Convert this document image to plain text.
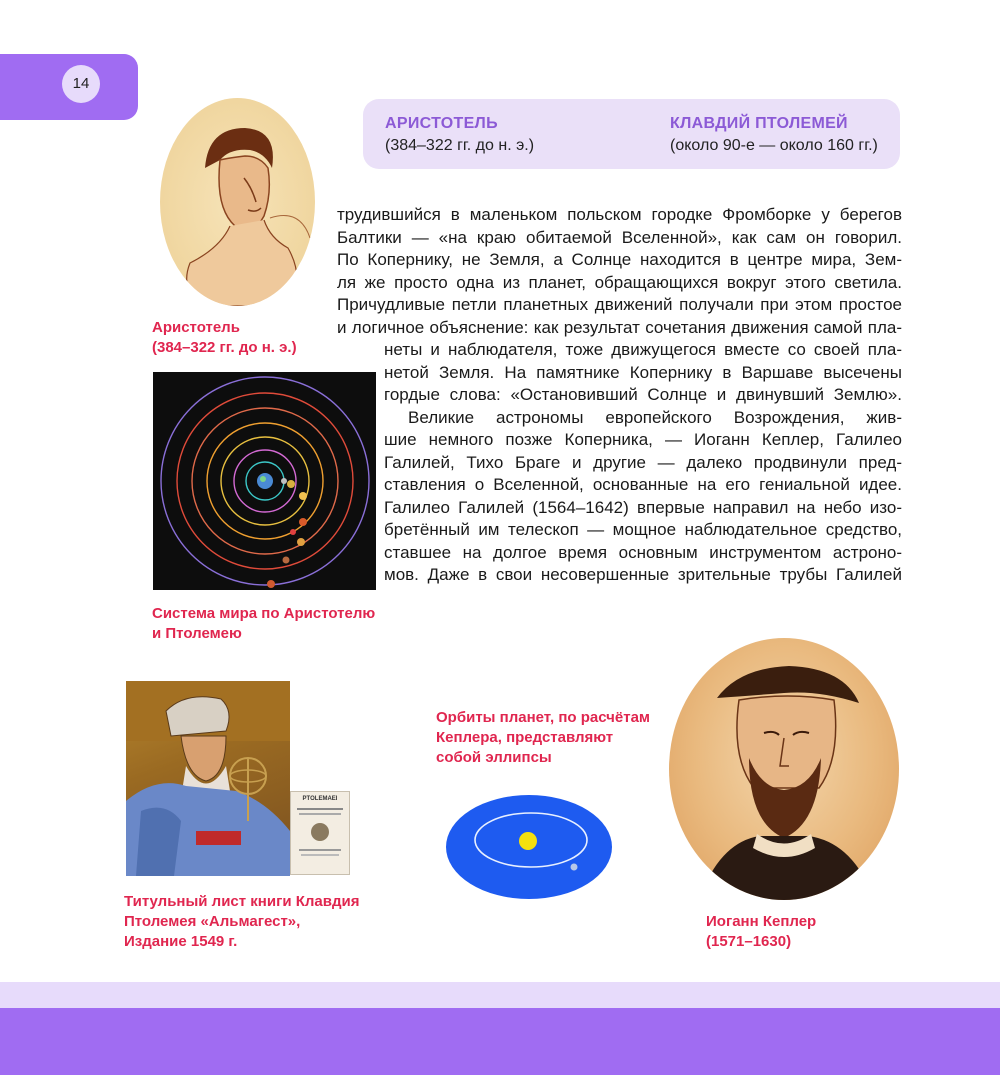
14
АРИСТОТЕЛЬ
(384–322 гг. до н. э.)
КЛАВДИЙ ПТОЛЕМЕЙ
(около 90-е — около 160 гг.)
Аристотель
(384–322 гг. до н. э.)
Система мира по Аристотелю
и Птолемею
трудившийся в маленьком польском городке Фромборке у берегов
Балтики — «на краю обитаемой Вселенной», как сам он говорил.
По Копернику, не Земля, а Солнце находится в центре мира, Зем-
ля же просто одна из планет, обращающихся вокруг этого светила.
Причудливые петли планетных движений получали при этом простое
и логичное объяснение: как результат сочетания движения самой пла-
неты и наблюдателя, тоже движущегося вместе со своей пла-
нетой Земля. На памятнике Копернику в Варшаве высечены
гордые слова: «Остановивший Солнце и двинувший Землю».
Великие астрономы европейского Возрождения, жив-
шие немного позже Коперника, — Иоганн Кеплер, Галилео
Галилей, Тихо Браге и другие — далеко продвинули пред-
ставления о Вселенной, основанные на его гениальной идее.
Галилео Галилей (1564–1642) впервые направил на небо изо-
бретённый им телескоп — мощное наблюдательное средство,
ставшее на долгое время основным инструментом астроно-
мов. Даже в свои несовершенные зрительные трубы Галилей
PTOLEMAEI
Титульный лист книги Клавдия
Птолемея «Альмагест»,
Издание 1549 г.
Орбиты планет, по расчётам
Кеплера, представляют
собой эллипсы
Иоганн Кеплер
(1571–1630)
